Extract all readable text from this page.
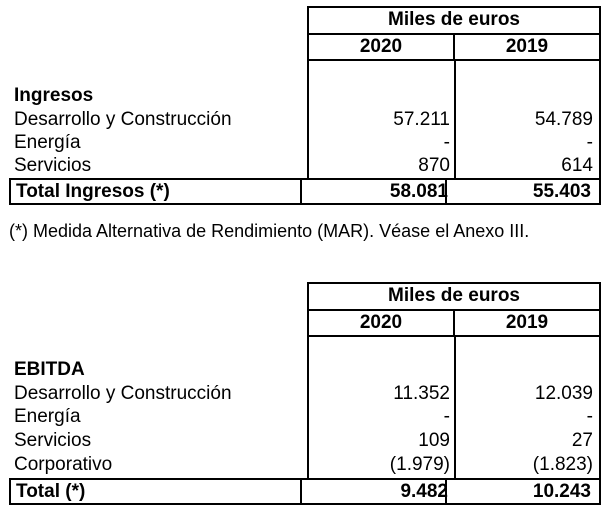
Miles de euros
2020	2019
Ingresos
Desarrollo y Construcción	57.211	54.789
Energía	-	-
Servicios	870	614
Total Ingresos (*)	58.081	55.403
(*) Medida Alternativa de Rendimiento (MAR). Véase el Anexo III.
Miles de euros
2020	2019
EBITDA
Desarrollo y Construcción	11.352	12.039
Energía	-	-
Servicios	109	27
Corporativo	(1.979)	(1.823)
Total (*)	9.482	10.243
